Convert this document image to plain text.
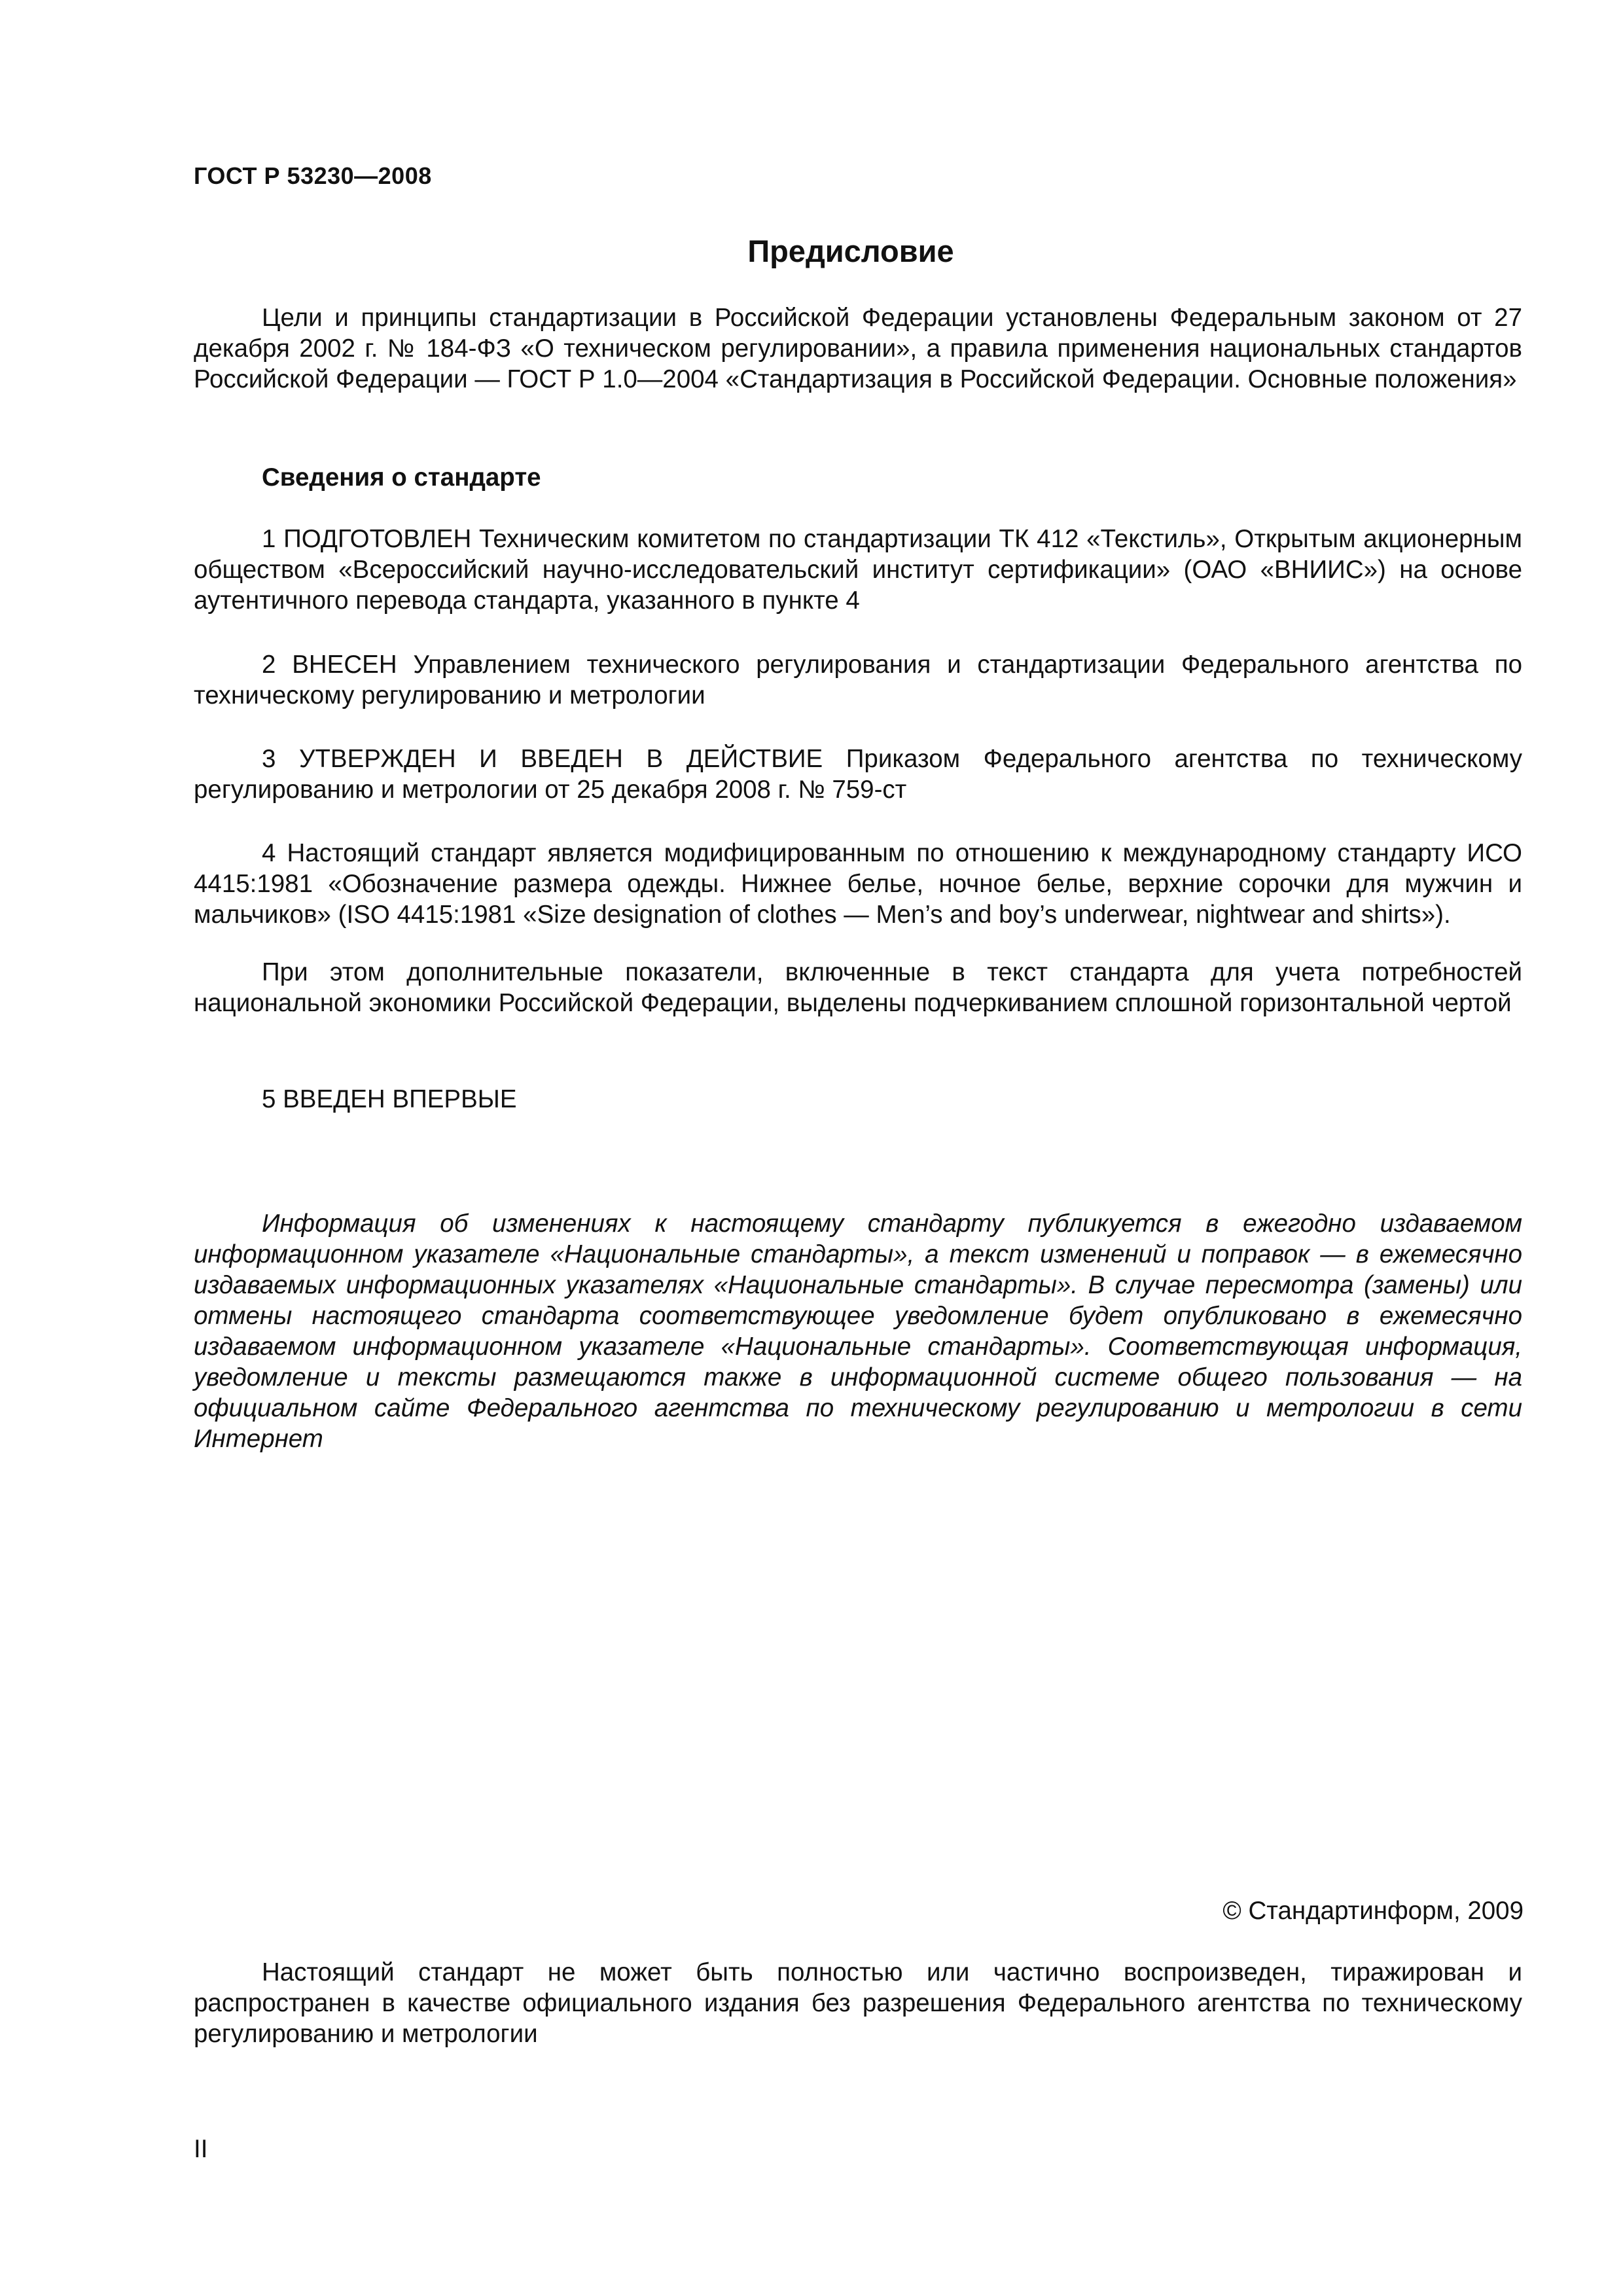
ГОСТ Р 53230—2008
Предисловие

Цели и принципы стандартизации в Российской Федерации установлены Федеральным законом от 27 декабря 2002 г. № 184-ФЗ «О техническом регулировании», а правила применения национальных стандартов Российской Федерации — ГОСТ Р 1.0—2004 «Стандартизация в Российской Федерации. Основные положения»

Сведения о стандарте

1 ПОДГОТОВЛЕН Техническим комитетом по стандартизации ТК 412 «Текстиль», Открытым акционерным обществом «Всероссийский научно-исследовательский институт сертификации» (ОАО «ВНИИС») на основе аутентичного перевода стандарта, указанного в пункте 4

2 ВНЕСЕН Управлением технического регулирования и стандартизации Федерального агентства по техническому регулированию и метрологии

3 УТВЕРЖДЕН И ВВЕДЕН В ДЕЙСТВИЕ Приказом Федерального агентства по техническому регулированию и метрологии от 25 декабря 2008 г. № 759-ст

4 Настоящий стандарт является модифицированным по отношению к международному стандарту ИСО 4415:1981 «Обозначение размера одежды. Нижнее белье, ночное белье, верхние сорочки для мужчин и мальчиков» (ISO 4415:1981 «Size designation of clothes — Men’s and boy’s underwear, nightwear and shirts»).

При этом дополнительные показатели, включенные в текст стандарта для учета потребностей национальной экономики Российской Федерации, выделены подчеркиванием сплошной горизонтальной чертой

5 ВВЕДЕН ВПЕРВЫЕ

Информация об изменениях к настоящему стандарту публикуется в ежегодно издаваемом информационном указателе «Национальные стандарты», а текст изменений и поправок — в ежемесячно издаваемых информационных указателях «Национальные стандарты». В случае пересмотра (замены) или отмены настоящего стандарта соответствующее уведомление будет опубликовано в ежемесячно издаваемом информационном указателе «Национальные стандарты». Соответствующая информация, уведомление и тексты размещаются также в информационной системе общего пользования — на официальном сайте Федерального агентства по техническому регулированию и метрологии в сети Интернет

© Стандартинформ, 2009

Настоящий стандарт не может быть полностью или частично воспроизведен, тиражирован и распространен в качестве официального издания без разрешения Федерального агентства по техническому регулированию и метрологии

II
